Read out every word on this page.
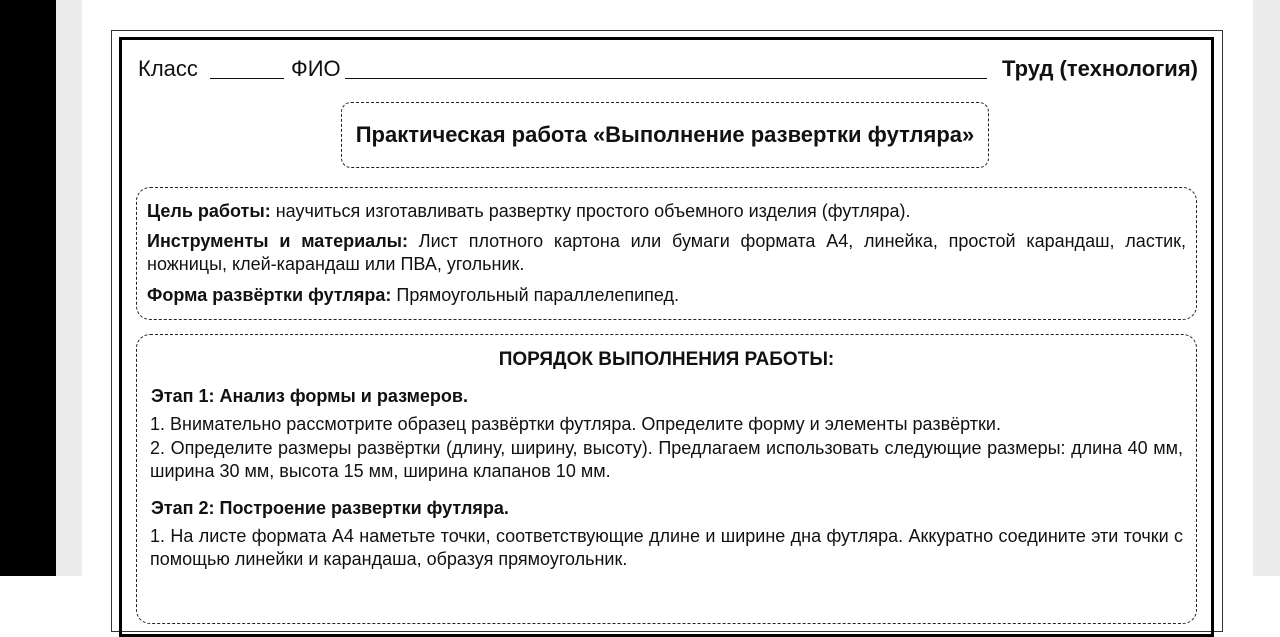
Класс	ФИО	Труд (технология)
Практическая работа «Выполнение развертки футляра»

Цель работы: научиться изготавливать развертку простого объемного изделия (футляра).

Инструменты и материалы: Лист плотного картона или бумаги формата А4, линейка, простой карандаш, ластик, ножницы, клей-карандаш или ПВА, угольник.

Форма развёртки футляра: Прямоугольный параллелепипед.

ПОРЯДОК ВЫПОЛНЕНИЯ РАБОТЫ:
Этап 1: Анализ формы и размеров.

1. Внимательно рассмотрите образец развёртки футляра. Определите форму и элементы развёртки.

2. Определите размеры развёртки (длину, ширину, высоту). Предлагаем использовать следующие размеры: длина 40 мм, ширина 30 мм, высота 15 мм, ширина клапанов 10 мм.

Этап 2: Построение развертки футляра.

1. На листе формата А4 наметьте точки, соответствующие длине и ширине дна футляра. Аккуратно соедините эти точки с помощью линейки и карандаша, образуя прямоугольник.
